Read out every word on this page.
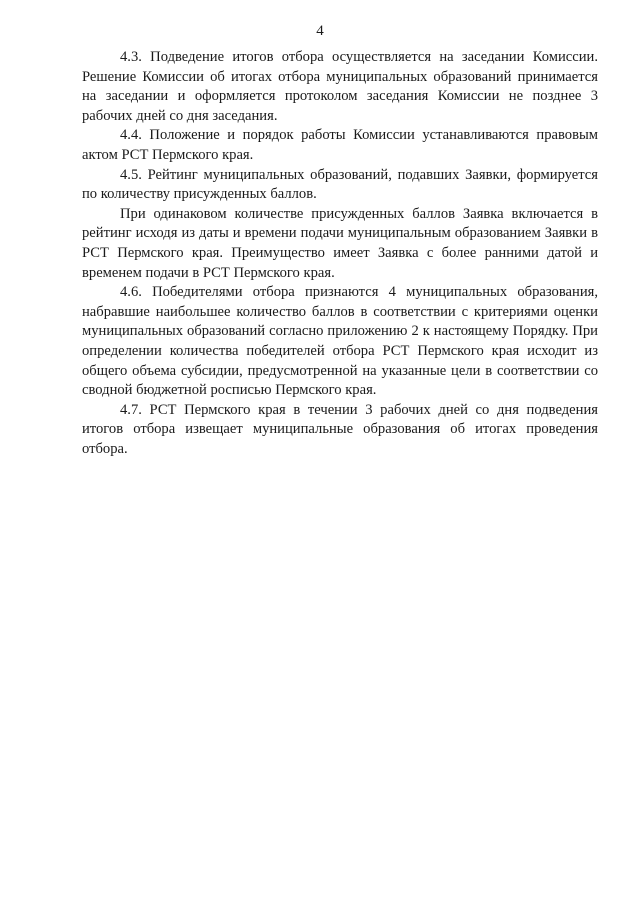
4

4.3. Подведение итогов отбора осуществляется на заседании Комиссии. Решение Комиссии об итогах отбора муниципальных образований принимается на заседании и оформляется протоколом заседания Комиссии не позднее 3 рабочих дней со дня заседания.

4.4. Положение и порядок работы Комиссии устанавливаются правовым актом РСТ Пермского края.

4.5. Рейтинг муниципальных образований, подавших Заявки, формируется по количеству присужденных баллов.

При одинаковом количестве присужденных баллов Заявка включается в рейтинг исходя из даты и времени подачи муниципальным образованием Заявки в РСТ Пермского края. Преимущество имеет Заявка с более ранними датой и временем подачи в РСТ Пермского края.

4.6. Победителями отбора признаются 4 муниципальных образования, набравшие наибольшее количество баллов в соответствии с критериями оценки муниципальных образований согласно приложению 2 к настоящему Порядку. При определении количества победителей отбора РСТ Пермского края исходит из общего объема субсидии, предусмотренной на указанные цели в соответствии со сводной бюджетной росписью Пермского края.

4.7. РСТ Пермского края в течении 3 рабочих дней со дня подведения итогов отбора извещает муниципальные образования об итогах проведения отбора.
